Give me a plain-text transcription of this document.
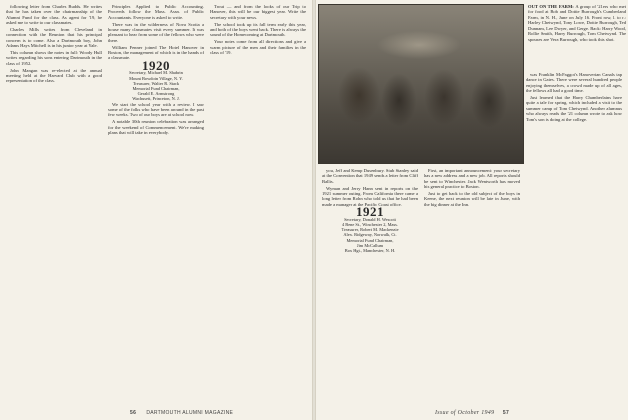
following letter from Charles Budds. He writes that he has taken over the chairmanship of the Alumni Fund for the class. As agent for '19, he asked me to write to our classmates.

Charles Mills writes from Cleveland in connection with the Reunion that his principal concern is to come. Also a Dartmouth boy, John Adams Hays Mitchell is in his junior year at Yale.

This column shows the notes in full: Woody Hull writes regarding his sons entering Dartmouth in the class of 1952.

John Mangan was re-elected at the annual meeting held at the Harvard Club with a good representation of the class.

Principles Applied to Public Accounting. Proceeds follow the Mass. Assn. of Public Accountants. Everyone is asked to write.

There was in the wilderness of Nova Scotia a house many classmates visit every summer. It was pleasant to hear from some of the fellows who were there.

William Fenner joined The Hotel Hanover in Boston, the management of which is in the hands of a classmate. 1920
Secretary, Michael M. Shabrin
Mount Bowdoin Village, N. Y.
Treasurer, Walter R. Stack
Memorial Fund Chairman,
Gerald E. Armstrong
Wachusett, Princeton, N. J.

We start the school year with a review. I saw some of the folks who have been around in the past few weeks. Two of our boys are at school now.

A notable 30th reunion celebration was arranged for the weekend of Commencement. We're making plans that will take in everybody.

Trout — and from the looks of our Trip to Hanover, this will be our biggest year. Write the secretary with your news.

The school took up its fall term early this year, and both of the boys went back. There is always the sound of the Homecoming at Dartmouth.

Your notes come from all directions and give a warm picture of the men and their families in the class of '19.

56 DARTMOUTH ALUMNI MAGAZINE
OUT ON THE FARM: A group of '21ers who met for food at Bob and Dottie Burrough's Cumberland Farm, in N. H., June on July 16. Front row, l. to r.: Harley Chetwynd, Tony Lowe, Dottie Burrough, Ted Dunnam, Lee Dwyer, and Gerge. Back: Harry Wood, Rollie Smith, Harry Burrough, Tom Chetwynd. The spouses are Vera Burrough, who took this shot.

you, Jeff and Kemp Dusenbury. Stub Stanley said at the Convention that 1949 sends a letter from Cliff Ballis.

Wyman and Jerry Hann sent in reports on the 1921 summer outing. From California there came a long letter from Rohn who told us that he had been made a manager at the Pacific Coast office.

1921
Secretary, Donald H. Wescott
4 Bene St., Winchester 2, Mass.
Treasurer, Robert M. Mackenzie
Alex. Ridgeway, Norwalk, Ct.
Memorial Fund Chairman,
Jim McCallum
Box Hgt., Manchester, N. H.

First, an important announcement: your secretary has a new address and a new job. All reports should be sent to Winchester. Jack Wentworth has moved his general practice to Boston.

Just to get back to the old subject of the boys in Keene, the next reunion will be late in June, with the big dinner at the Inn.

was Franklin McFaggot's Hanoverian Canals tap dance in Gates. There were several hundred people enjoying themselves, a crowd made up of all ages, the fellows all had a good time.

Just learned that the Harry Chamberlains have quite a tale for spring, which included a visit to the summer camp of Tom Chetwynd. Another alumnus who always reads the '21 column wrote to ask how Tom's son is doing at the college.

Issue of October 1949 57
